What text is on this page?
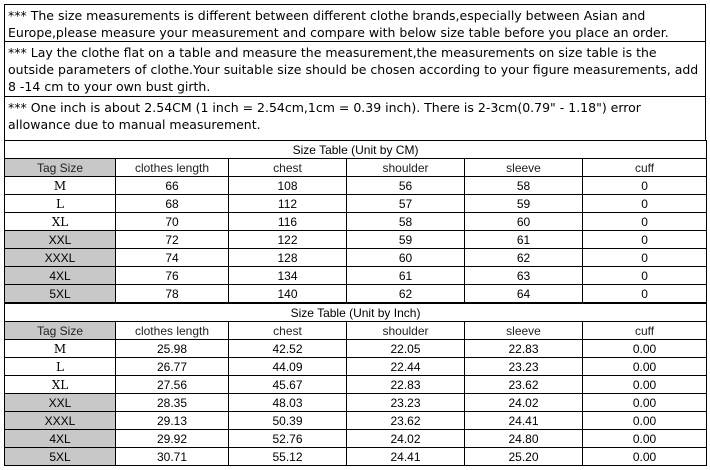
*** The size measurements is different between different clothe brands,especially between Asian and Europe,please measure your measurement and compare with below size table before you place an order.
*** Lay the clothe flat on a table and measure the measurement,the measurements on size table is the outside parameters of clothe.Your suitable size should be chosen according to your figure measurements, add 8 -14 cm to your own bust girth.
*** One inch is about 2.54CM (1 inch = 2.54cm,1cm = 0.39 inch). There is 2-3cm(0.79" - 1.18") error allowance due to manual measurement.
Size Table (Unit by CM)					
Tag Size	clothes length	chest	shoulder	sleeve	cuff
M	66	108	56	58	0
L	68	112	57	59	0
XL	70	116	58	60	0
XXL	72	122	59	61	0
XXXL	74	128	60	62	0
4XL	76	134	61	63	0
5XL	78	140	62	64	0
Size Table (Unit by Inch)					
Tag Size	clothes length	chest	shoulder	sleeve	cuff
M	25.98	42.52	22.05	22.83	0.00
L	26.77	44.09	22.44	23.23	0.00
XL	27.56	45.67	22.83	23.62	0.00
XXL	28.35	48.03	23.23	24.02	0.00
XXXL	29.13	50.39	23.62	24.41	0.00
4XL	29.92	52.76	24.02	24.80	0.00
5XL	30.71	55.12	24.41	25.20	0.00
